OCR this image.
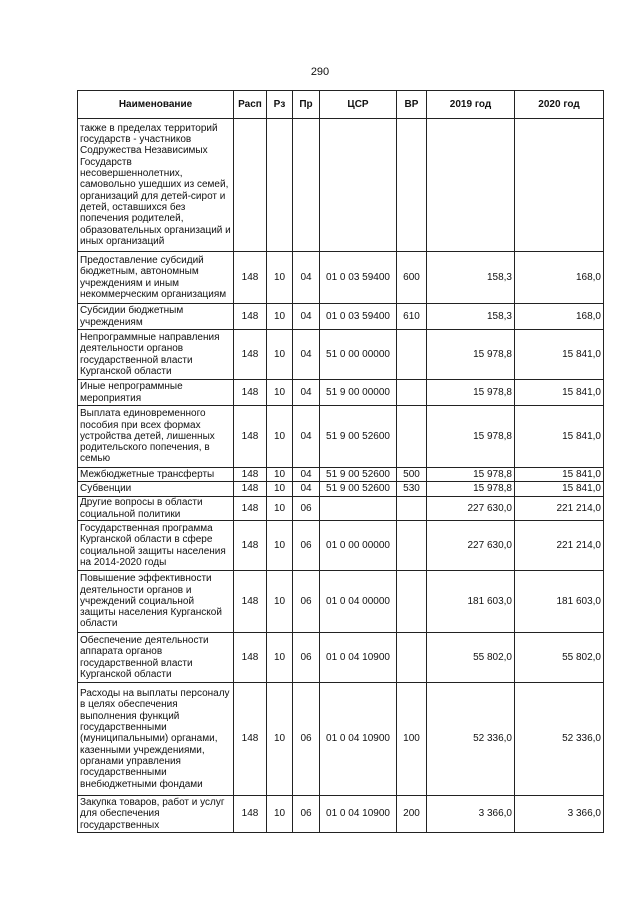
290
Наименование	Расп	Рз	Пр	ЦСР	ВР	2019 год	2020 год
также в пределах территорий государств - участников Содружества Независимых Государств несовершеннолетних, самовольно ушедших из семей, организаций для детей-сирот и детей, оставшихся без попечения родителей, образовательных организаций и иных организаций							
Предоставление субсидий бюджетным, автономным учреждениям и иным некоммерческим организациям	148	10	04	01 0 03 59400	600	158,3	168,0
Субсидии бюджетным учреждениям	148	10	04	01 0 03 59400	610	158,3	168,0
Непрограммные направления деятельности органов государственной власти Курганской области	148	10	04	51 0 00 00000		15 978,8	15 841,0
Иные непрограммные мероприятия	148	10	04	51 9 00 00000		15 978,8	15 841,0
Выплата единовременного пособия при всех формах устройства детей, лишенных родительского попечения, в семью	148	10	04	51 9 00 52600		15 978,8	15 841,0
Межбюджетные трансферты	148	10	04	51 9 00 52600	500	15 978,8	15 841,0
Субвенции	148	10	04	51 9 00 52600	530	15 978,8	15 841,0
Другие вопросы в области социальной политики	148	10	06			227 630,0	221 214,0
Государственная программа Курганской области в сфере социальной защиты населения на 2014-2020 годы	148	10	06	01 0 00 00000		227 630,0	221 214,0
Повышение эффективности деятельности органов и учреждений социальной защиты населения Курганской области	148	10	06	01 0 04 00000		181 603,0	181 603,0
Обеспечение деятельности аппарата органов государственной власти Курганской области	148	10	06	01 0 04 10900		55 802,0	55 802,0
Расходы на выплаты персоналу в целях обеспечения выполнения функций государственными (муниципальными) органами, казенными учреждениями, органами управления государственными внебюджетными фондами	148	10	06	01 0 04 10900	100	52 336,0	52 336,0
Закупка товаров, работ и услуг для обеспечения государственных	148	10	06	01 0 04 10900	200	3 366,0	3 366,0
